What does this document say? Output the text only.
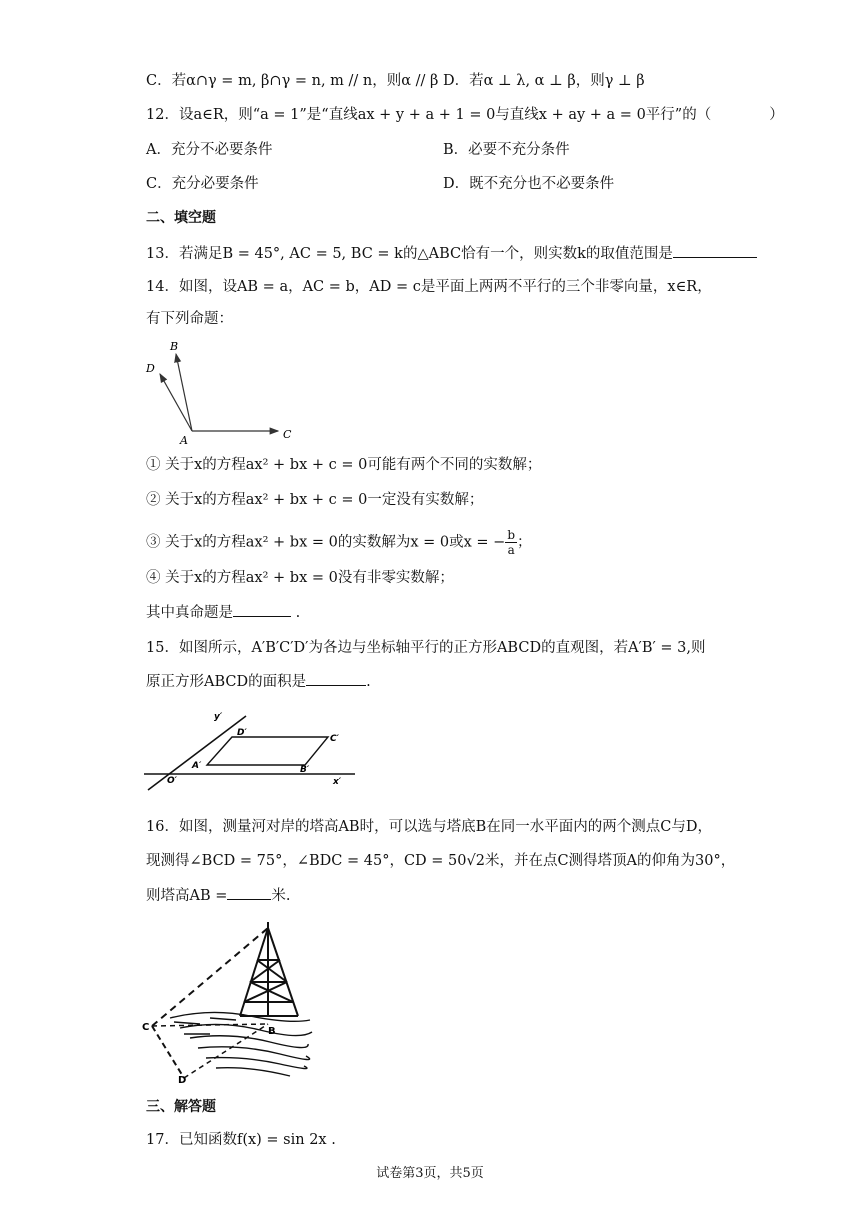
C．若α∩γ = m, β∩γ = n, m // n，则α // β D．若α ⊥ λ, α ⊥ β，则γ ⊥ β
12．设a∈R，则“a = 1”是“直线ax + y + a + 1 = 0与直线x + ay + a = 0平行”的（　　　　）
A．充分不必要条件	B．必要不充分条件
C．充分必要条件	D．既不充分也不必要条件
二、填空题
13．若满足B = 45°, AC = 5, BC = k的△ABC恰有一个，则实数k的取值范围是
14．如图，设AB = a，AC = b，AD = c是平面上两两不平行的三个非零向量，x∈R，
有下列命题：
B
D
A	C
① 关于x的方程ax² + bx + c = 0可能有两个不同的实数解；
② 关于x的方程ax² + bx + c = 0一定没有实数解；
③ 关于x的方程ax² + bx = 0的实数解为x = 0或x = − $\frac{b}{a}$ ；
④ 关于x的方程ax² + bx = 0没有非零实数解；
其中真命题是	.
15．如图所示，A′B′C′D′为各边与坐标轴平行的正方形ABCD的直观图，若A′B′ = 3,则
原正方形ABCD的面积是	.
y′
x′
O′
A′	B′
C′
D′
16．如图，测量河对岸的塔高AB时，可以选与塔底B在同一水平面内的两个测点C与D，
现测得∠BCD = 75°，∠BDC = 45°，CD = 50√2米，并在点C测得塔顶A的仰角为30°，
则塔高AB =	米.
C	B
D
三、解答题
17．已知函数f(x) = sin 2x .
试卷第3页，共5页
